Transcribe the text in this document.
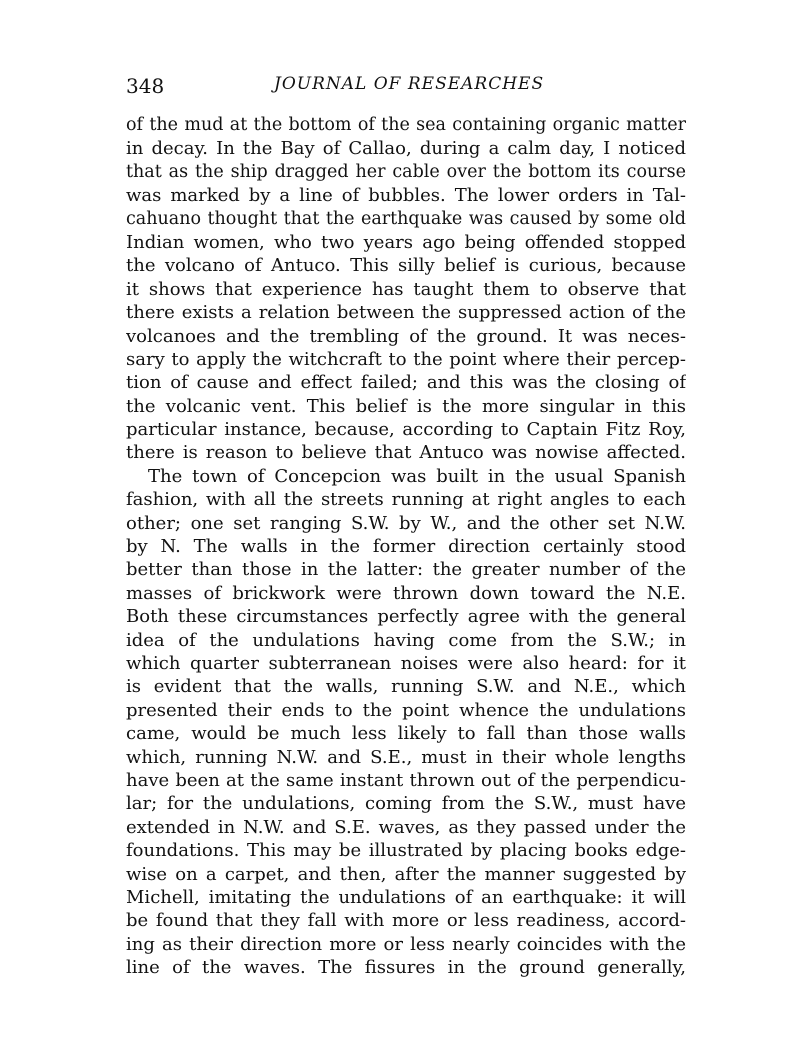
348	JOURNAL OF RESEARCHES
of the mud at the bottom of the sea containing organic matter
in decay. In the Bay of Callao, during a calm day, I noticed
that as the ship dragged her cable over the bottom its course
was marked by a line of bubbles. The lower orders in Tal-
cahuano thought that the earthquake was caused by some old
Indian women, who two years ago being offended stopped
the volcano of Antuco. This silly belief is curious, because
it shows that experience has taught them to observe that
there exists a relation between the suppressed action of the
volcanoes and the trembling of the ground. It was neces-
sary to apply the witchcraft to the point where their percep-
tion of cause and effect failed; and this was the closing of
the volcanic vent. This belief is the more singular in this
particular instance, because, according to Captain Fitz Roy,
there is reason to believe that Antuco was nowise affected.
The town of Concepcion was built in the usual Spanish
fashion, with all the streets running at right angles to each
other; one set ranging S.W. by W., and the other set N.W.
by N. The walls in the former direction certainly stood
better than those in the latter: the greater number of the
masses of brickwork were thrown down toward the N.E.
Both these circumstances perfectly agree with the general
idea of the undulations having come from the S.W.; in
which quarter subterranean noises were also heard: for it
is evident that the walls, running S.W. and N.E., which
presented their ends to the point whence the undulations
came, would be much less likely to fall than those walls
which, running N.W. and S.E., must in their whole lengths
have been at the same instant thrown out of the perpendicu-
lar; for the undulations, coming from the S.W., must have
extended in N.W. and S.E. waves, as they passed under the
foundations. This may be illustrated by placing books edge-
wise on a carpet, and then, after the manner suggested by
Michell, imitating the undulations of an earthquake: it will
be found that they fall with more or less readiness, accord-
ing as their direction more or less nearly coincides with the
line of the waves. The fissures in the ground generally,
